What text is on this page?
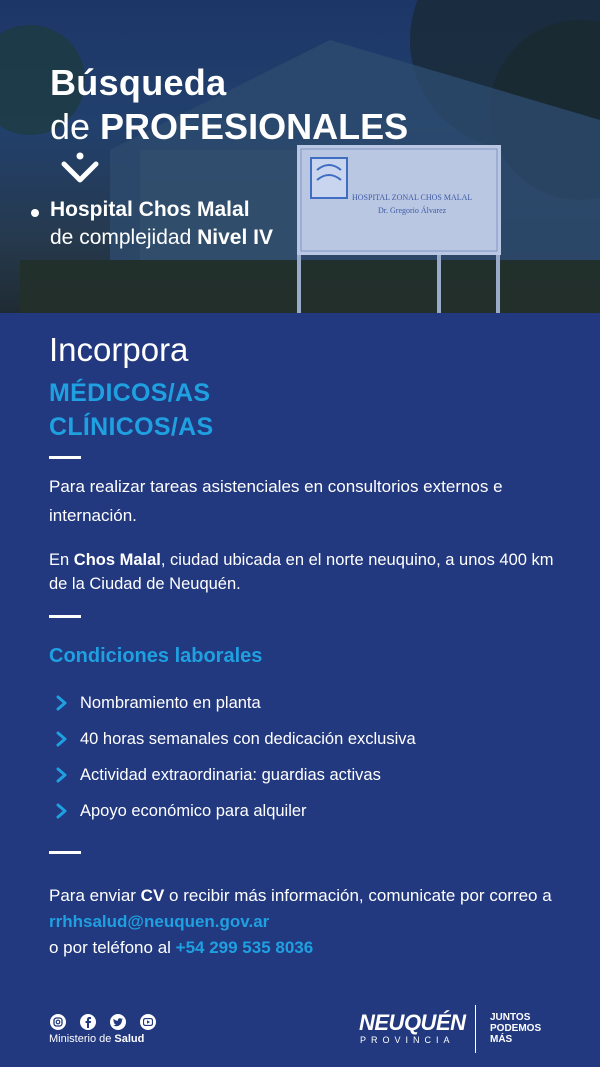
HOSPITAL ZONAL CHOS MALAL
Dr. Gregorio Álvarez
Búsqueda
de PROFESIONALES
Hospital Chos Malal
de complejidad Nivel IV
Incorpora
MÉDICOS/AS
CLÍNICOS/AS
Para realizar tareas asistenciales en consultorios externos e internación.
En Chos Malal, ciudad ubicada en el norte neuquino, a unos 400 km de la Ciudad de Neuquén.
Condiciones laborales
Nombramiento en planta
40 horas semanales con dedicación exclusiva
Actividad extraordinaria: guardias activas
Apoyo económico para alquiler
Para enviar CV o recibir más información, comunicate por correo a rrhhsalud@neuquen.gov.ar
o por teléfono al +54 299 535 8036
Ministerio de Salud
NEUQUÉN
PROVINCIA
JUNTOS
PODEMOS
MÁS
